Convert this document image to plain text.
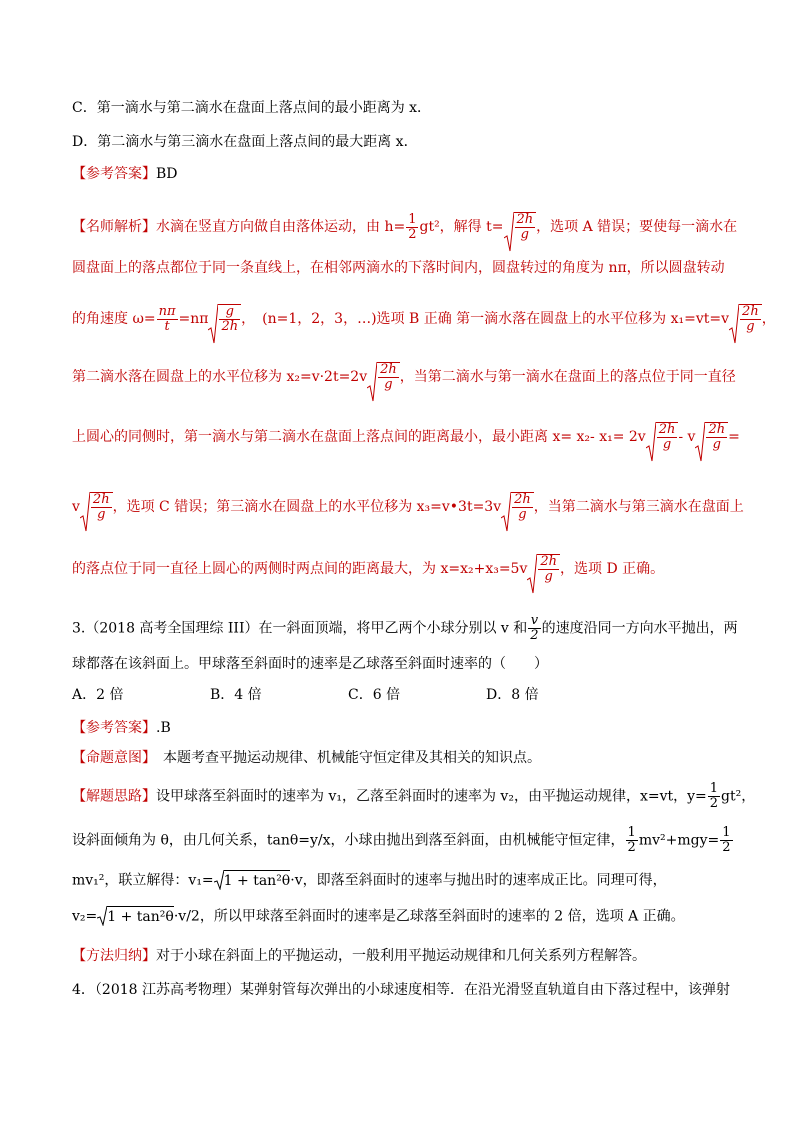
C．第一滴水与第二滴水在盘面上落点间的最小距离为 x．
D．第二滴水与第三滴水在盘面上落点间的最大距离 x．
【参考答案】BD
【名师解析】水滴在竖直方向做自由落体运动，由 $h= \frac{1}{2} gt^2$，解得 $t= \frac{2h}{g}$ ，选项 A 错误；要使每一滴水在
圆盘面上的落点都位于同一条直线上，在相邻两滴水的下落时间内，圆盘转过的角度为 nπ，所以圆盘转动
的角速度 $\omega= \frac{n\pi}{t} =n\pi \frac{g}{2h}$ ，　(n=1，2，3，…)选项 B 正确 第一滴水落在圆盘上的水平位移为 $x_1=vt=v \frac{2h}{g}$ ，
第二滴水落在圆盘上的水平位移为 $x_2=v\cdot 2t=2v \frac{2h}{g}$ ，当第二滴水与第一滴水在盘面上的落点位于同一直径
上圆心的同侧时，第一滴水与第二滴水在盘面上落点间的距离最小，最小距离 x= x₂- $x_1= 2v \frac{2h}{g} - v \frac{2h}{g}$ =
v $\frac{2h}{g}$ ，选项 C 错误；第三滴水在圆盘上的水平位移为 x₃=v•3t=3v $\frac{2h}{g}$ ，当第二滴水与第三滴水在盘面上
的落点位于同一直径上圆心的两侧时两点间的距离最大，为 $x=x_2+x_3=5v \frac{2h}{g}$ ，选项 D 正确。
3.（2018 高考全国理综 III）在一斜面顶端，将甲乙两个小球分别以 v 和 $\frac{v}{2}$ 的速度沿同一方向水平抛出，两
球都落在该斜面上。甲球落至斜面时的速率是乙球落至斜面时速率的（　　）
A．2 倍	B．4 倍	C．6 倍	D．8 倍
【参考答案】.B
【命题意图】　本题考查平抛运动规律、机械能守恒定律及其相关的知识点。
【解题思路】设甲球落至斜面时的速率为 v₁，乙落至斜面时的速率为 v₂，由平抛运动规律，x=vt，$y= \frac{1}{2} gt^2$，
设斜面倾角为 θ，由几何关系，tanθ=y/x，小球由抛出到落至斜面，由机械能守恒定律， $\frac{1}{2} mv^2+mgy= \frac{1}{2}$
mv₁²，联立解得：v₁= 1 + tan²θ·v，即落至斜面时的速率与抛出时的速率成正比。同理可得，
v₂= 1 + tan²θ·v/2，所以甲球落至斜面时的速率是乙球落至斜面时的速率的 2 倍，选项 A 正确。
【方法归纳】对于小球在斜面上的平抛运动，一般利用平抛运动规律和几何关系列方程解答。
4．（2018 江苏高考物理）某弹射管每次弹出的小球速度相等．在沿光滑竖直轨道自由下落过程中，该弹射
